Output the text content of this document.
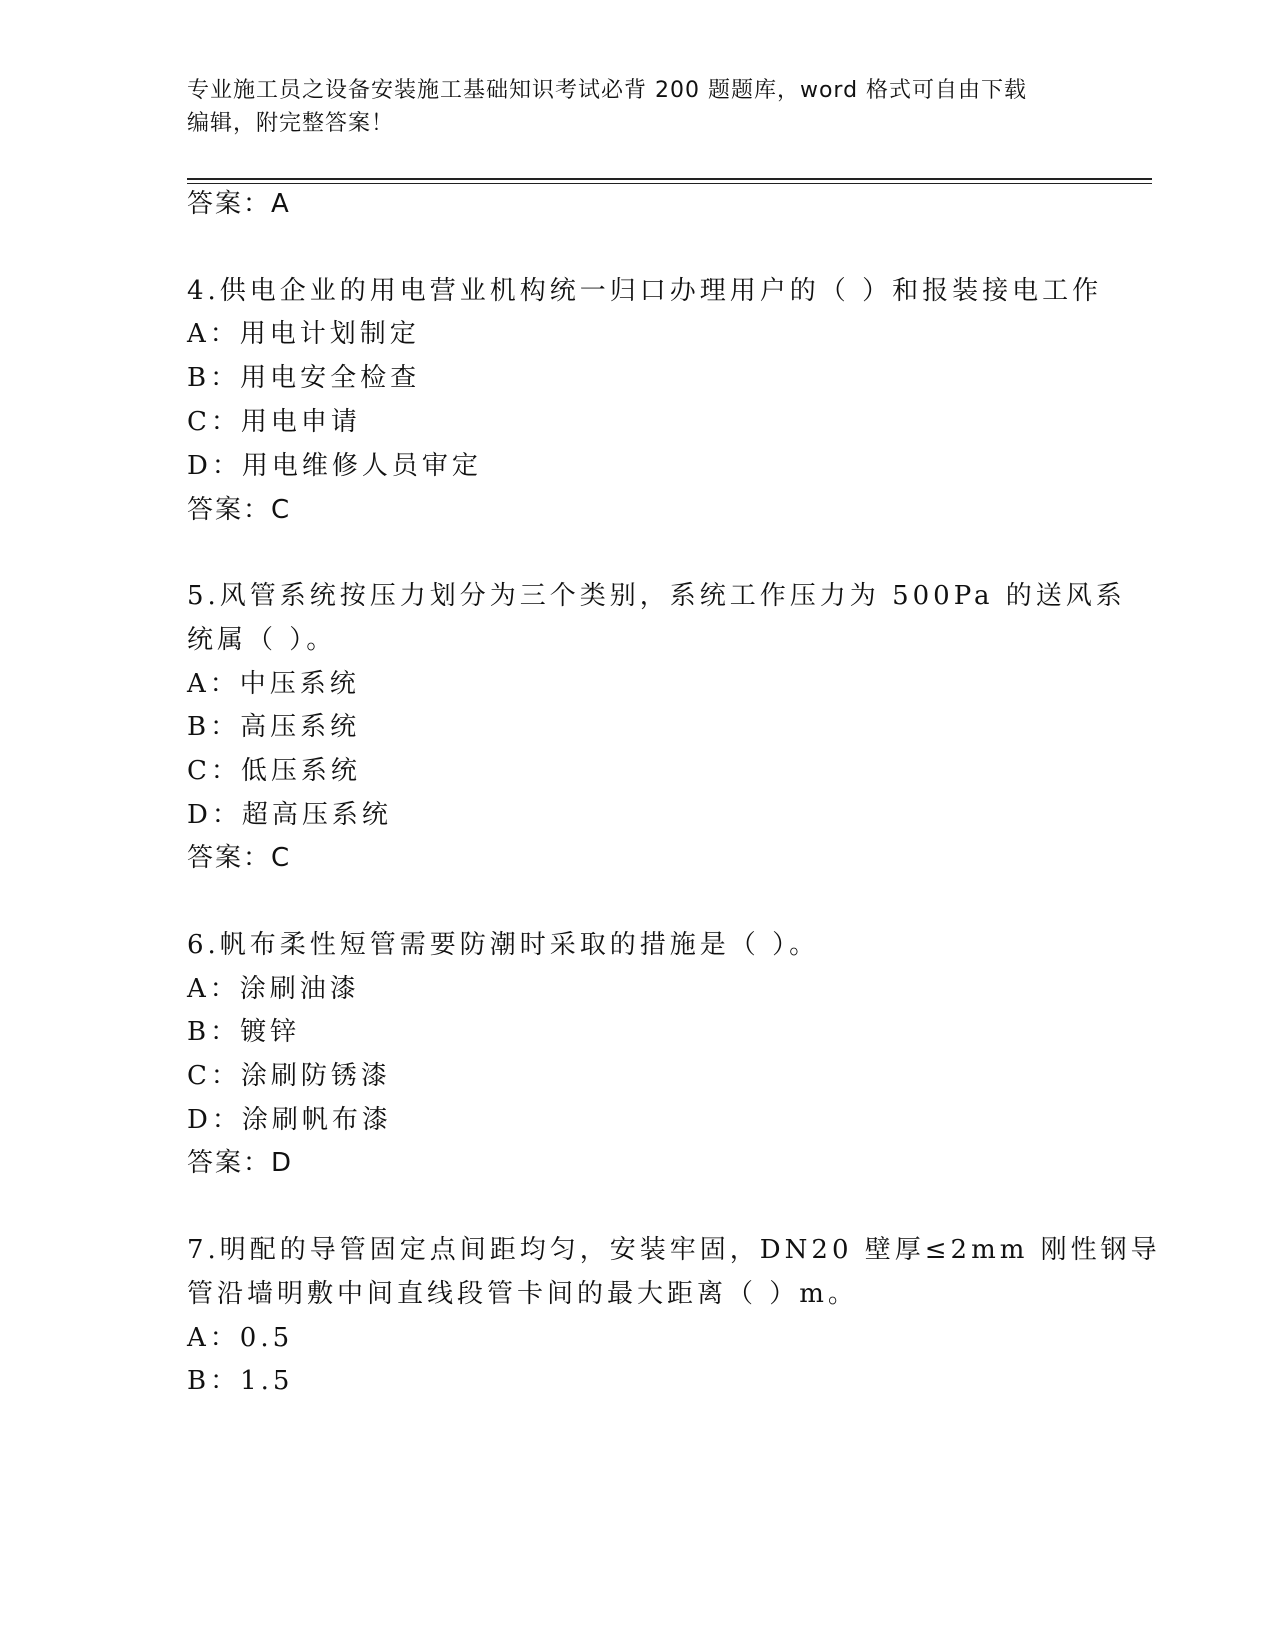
专业施工员之设备安装施工基础知识考试必背 200 题题库，word 格式可自由下载
编辑，附完整答案！
答案：A
4.供电企业的用电营业机构统一归口办理用户的（ ）和报装接电工作
A：用电计划制定
B：用电安全检查
C：用电申请
D：用电维修人员审定
答案：C
5.风管系统按压力划分为三个类别，系统工作压力为 500Pa 的送风系
统属（ ）。
A：中压系统
B：高压系统
C：低压系统
D：超高压系统
答案：C
6.帆布柔性短管需要防潮时采取的措施是（ ）。
A：涂刷油漆
B：镀锌
C：涂刷防锈漆
D：涂刷帆布漆
答案：D
7.明配的导管固定点间距均匀，安装牢固，DN20 壁厚≤2mm 刚性钢导
管沿墙明敷中间直线段管卡间的最大距离（ ）m。
A：0.5
B：1.5
